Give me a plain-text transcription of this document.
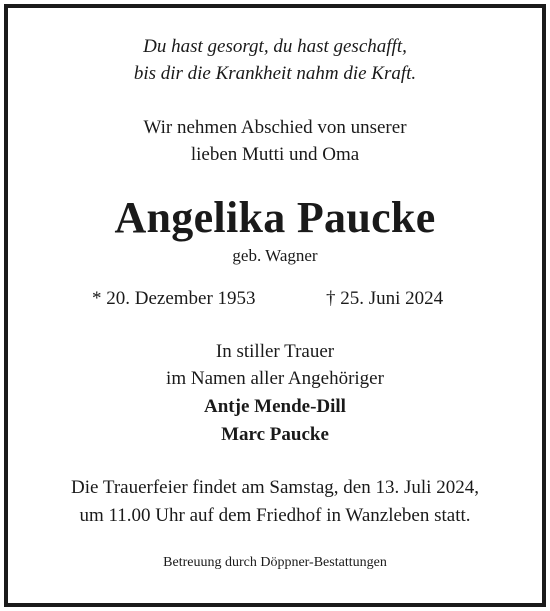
Du hast gesorgt, du hast geschafft,
bis dir die Krankheit nahm die Kraft.
Wir nehmen Abschied von unserer
lieben Mutti und Oma
Angelika Paucke
geb. Wagner
* 20. Dezember 1953	† 25. Juni 2024
In stiller Trauer
im Namen aller Angehöriger
Antje Mende-Dill
Marc Paucke
Die Trauerfeier findet am Samstag, den 13. Juli 2024,
um 11.00 Uhr auf dem Friedhof in Wanzleben statt.
Betreuung durch Döppner-Bestattungen
